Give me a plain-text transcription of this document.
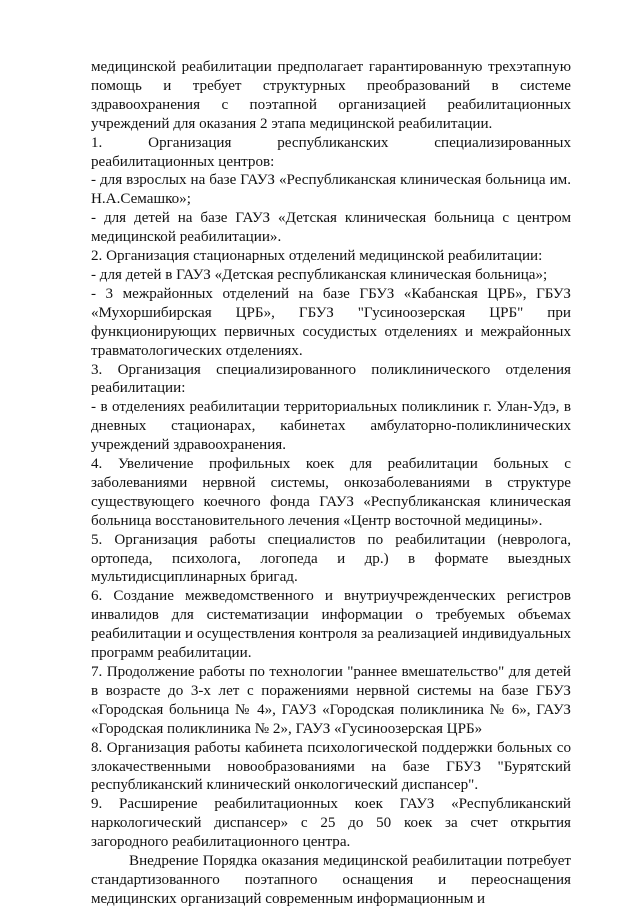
медицинской реабилитации предполагает гарантированную трехэтапную помощь и требует структурных преобразований в системе здравоохранения с поэтапной организацией реабилитационных учреждений для оказания 2 этапа медицинской реабилитации.

1. Организация республиканских специализированных реабилитационных центров:

- для взрослых на базе ГАУЗ «Республиканская клиническая больница им. Н.А.Семашко»;

- для детей на базе ГАУЗ «Детская клиническая больница с центром медицинской реабилитации».

2. Организация стационарных отделений медицинской реабилитации:

- для детей в ГАУЗ «Детская республиканская клиническая больница»;

- 3 межрайонных отделений на базе ГБУЗ «Кабанская ЦРБ», ГБУЗ «Мухоршибирская ЦРБ», ГБУЗ "Гусиноозерская ЦРБ" при функционирующих первичных сосудистых отделениях и межрайонных травматологических отделениях.

3. Организация специализированного поликлинического отделения реабилитации:

- в отделениях реабилитации территориальных поликлиник г. Улан-Удэ, в дневных стационарах, кабинетах амбулаторно-поликлинических учреждений здравоохранения.

4. Увеличение профильных коек для реабилитации больных с заболеваниями нервной системы, онкозаболеваниями в структуре существующего коечного фонда ГАУЗ «Республиканская клиническая больница восстановительного лечения «Центр восточной медицины».

5. Организация работы специалистов по реабилитации (невролога, ортопеда, психолога, логопеда и др.) в формате выездных мультидисциплинарных бригад.

6. Создание межведомственного и внутриучрежденческих регистров инвалидов для систематизации информации о требуемых объемах реабилитации и осуществления контроля за реализацией индивидуальных программ реабилитации.

7. Продолжение работы по технологии "раннее вмешательство" для детей в возрасте до 3-х лет с поражениями нервной системы на базе ГБУЗ «Городская больница № 4», ГАУЗ «Городская поликлиника № 6», ГАУЗ «Городская поликлиника № 2», ГАУЗ «Гусиноозерская ЦРБ»

8. Организация работы кабинета психологической поддержки больных со злокачественными новообразованиями на базе ГБУЗ "Бурятский республиканский клинический онкологический диспансер".

9. Расширение реабилитационных коек ГАУЗ «Республиканский наркологический диспансер» с 25 до 50 коек за счет открытия загородного реабилитационного центра.

Внедрение Порядка оказания медицинской реабилитации потребует стандартизованного поэтапного оснащения и переоснащения медицинских организаций современным информационным и
